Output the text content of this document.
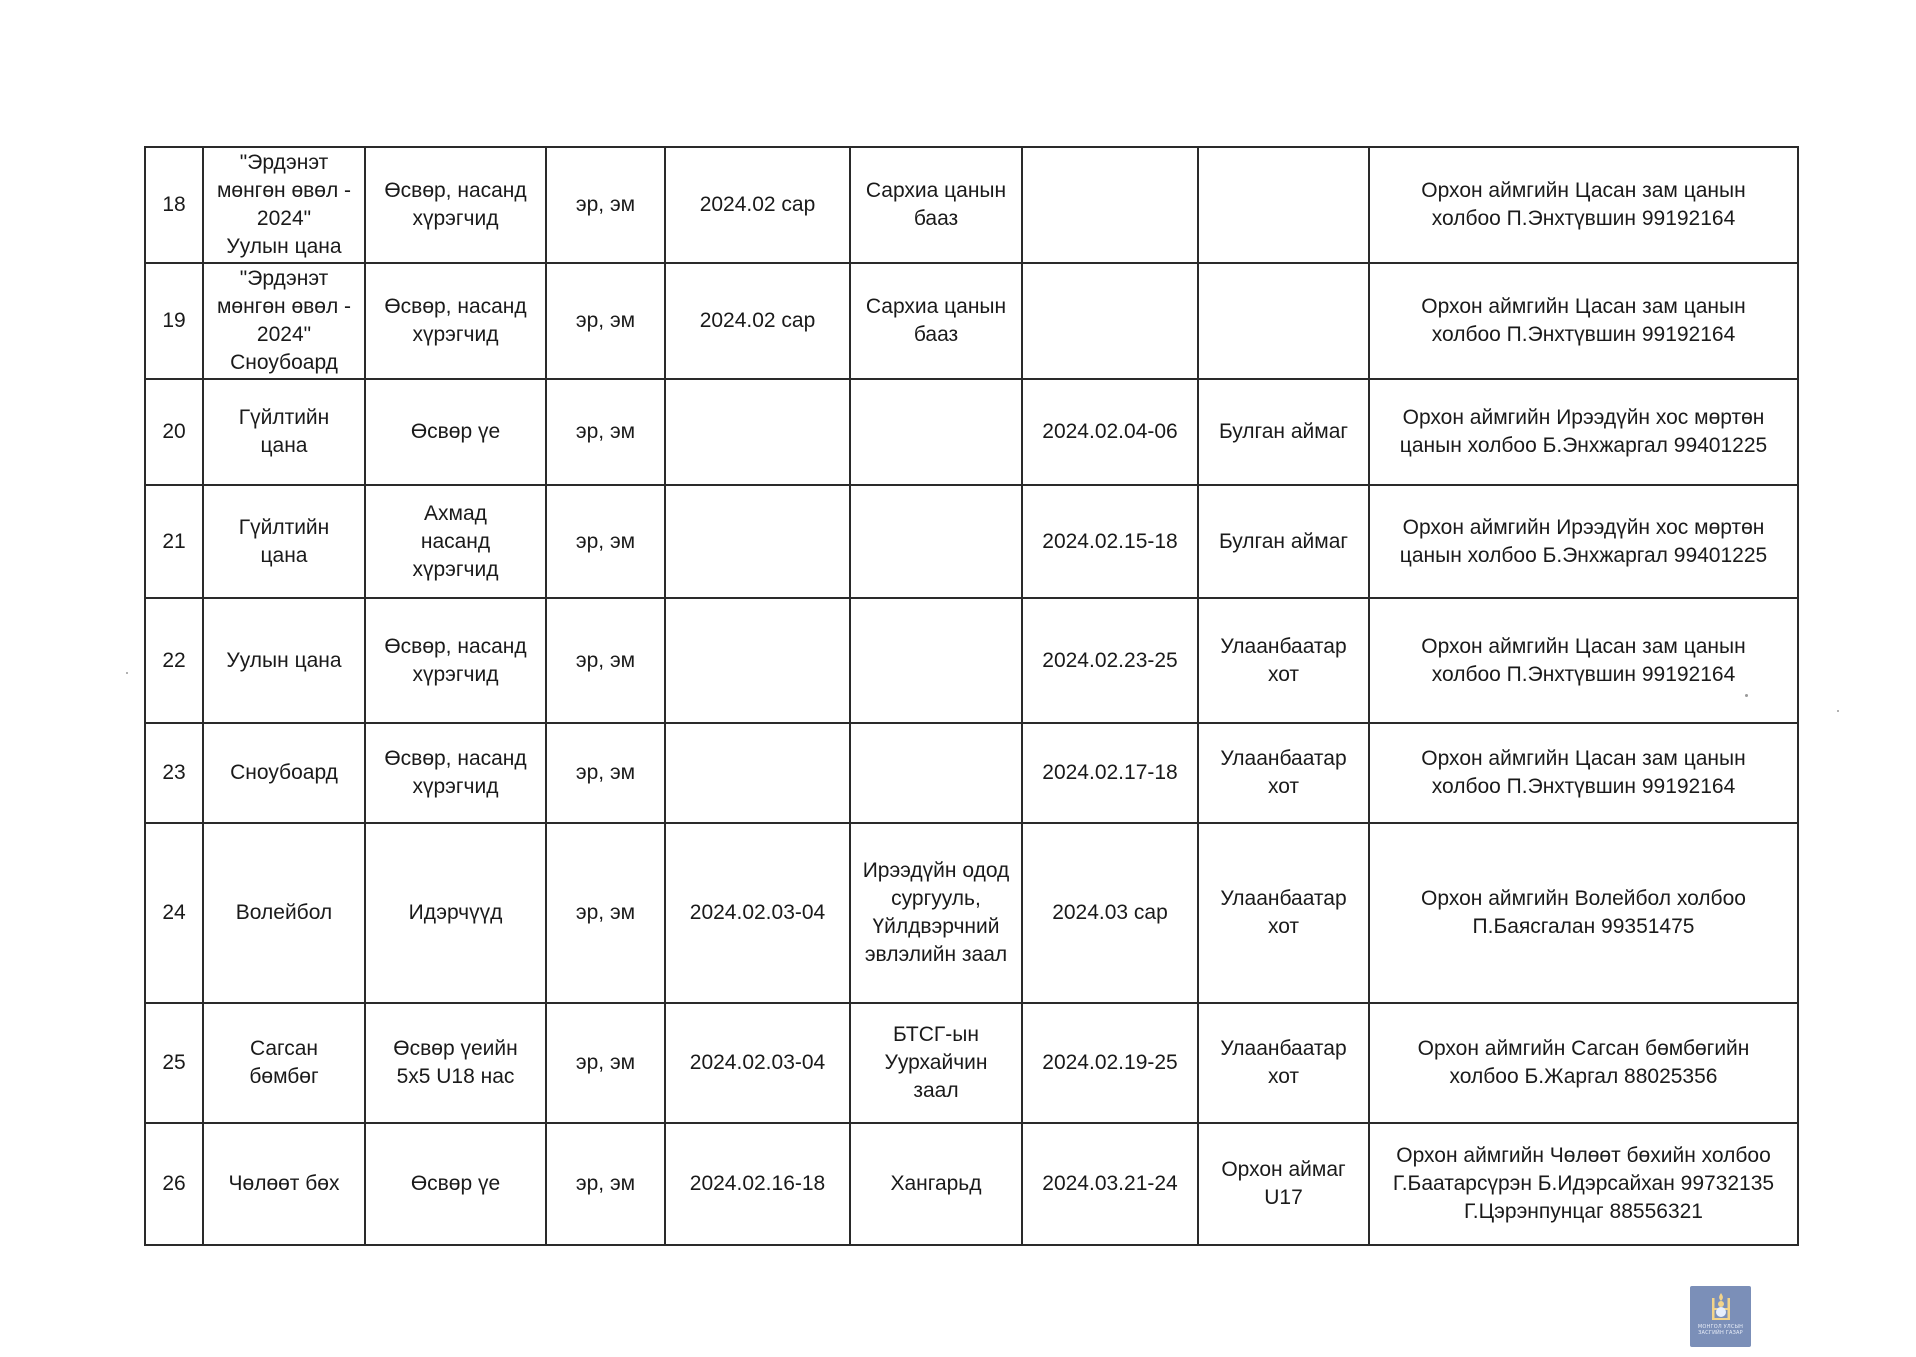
18	"Эрдэнэт
мөнгөн өвөл -
2024"
Уулын цана	Өсвөр, насанд
хүрэгчид	эр, эм	2024.02 сар	Сархиа цанын
бааз			Орхон аймгийн Цасан зам цанын
холбоо П.Энхтүвшин 99192164

19	"Эрдэнэт
мөнгөн өвөл -
2024"
Сноубоард	Өсвөр, насанд
хүрэгчид	эр, эм	2024.02 сар	Сархиа цанын
бааз			Орхон аймгийн Цасан зам цанын
холбоо П.Энхтүвшин 99192164

20	Гүйлтийн
цана	Өсвөр үе	эр, эм			2024.02.04-06	Булган аймаг	Орхон аймгийн Ирээдүйн хос мөртөн
цанын холбоо Б.Энхжаргал 99401225

21	Гүйлтийн
цана	Ахмад
насанд
хүрэгчид	эр, эм			2024.02.15-18	Булган аймаг	Орхон аймгийн Ирээдүйн хос мөртөн
цанын холбоо Б.Энхжаргал 99401225

22	Уулын цана	Өсвөр, насанд
хүрэгчид	эр, эм			2024.02.23-25	Улаанбаатар
хот	Орхон аймгийн Цасан зам цанын
холбоо П.Энхтүвшин 99192164

23	Сноубоард	Өсвөр, насанд
хүрэгчид	эр, эм			2024.02.17-18	Улаанбаатар
хот	Орхон аймгийн Цасан зам цанын
холбоо П.Энхтүвшин 99192164

24	Волейбол	Идэрчүүд	эр, эм	2024.02.03-04	Ирээдүйн одод
сургууль,
Үйлдвэрчний
эвлэлийн заал	2024.03 сар	Улаанбаатар
хот	Орхон аймгийн Волейбол холбоо
П.Баясгалан 99351475

25	Сагсан
бөмбөг	Өсвөр үеийн
5х5 U18 нас	эр, эм	2024.02.03-04	БТСГ-ын
Уурхайчин
заал	2024.02.19-25	Улаанбаатар
хот	Орхон аймгийн Сагсан бөмбөгийн
холбоо Б.Жаргал 88025356

26	Чөлөөт бөх	Өсвөр үе	эр, эм	2024.02.16-18	Хангарьд	2024.03.21-24	Орхон аймаг
U17	Орхон аймгийн Чөлөөт бөхийн холбоо
Г.Баатарсүрэн Б.Идэрсайхан 99732135
Г.Цэрэнпунцаг 88556321
МОНГОЛ УЛСЫН
ЗАСГИЙН ГАЗАР
